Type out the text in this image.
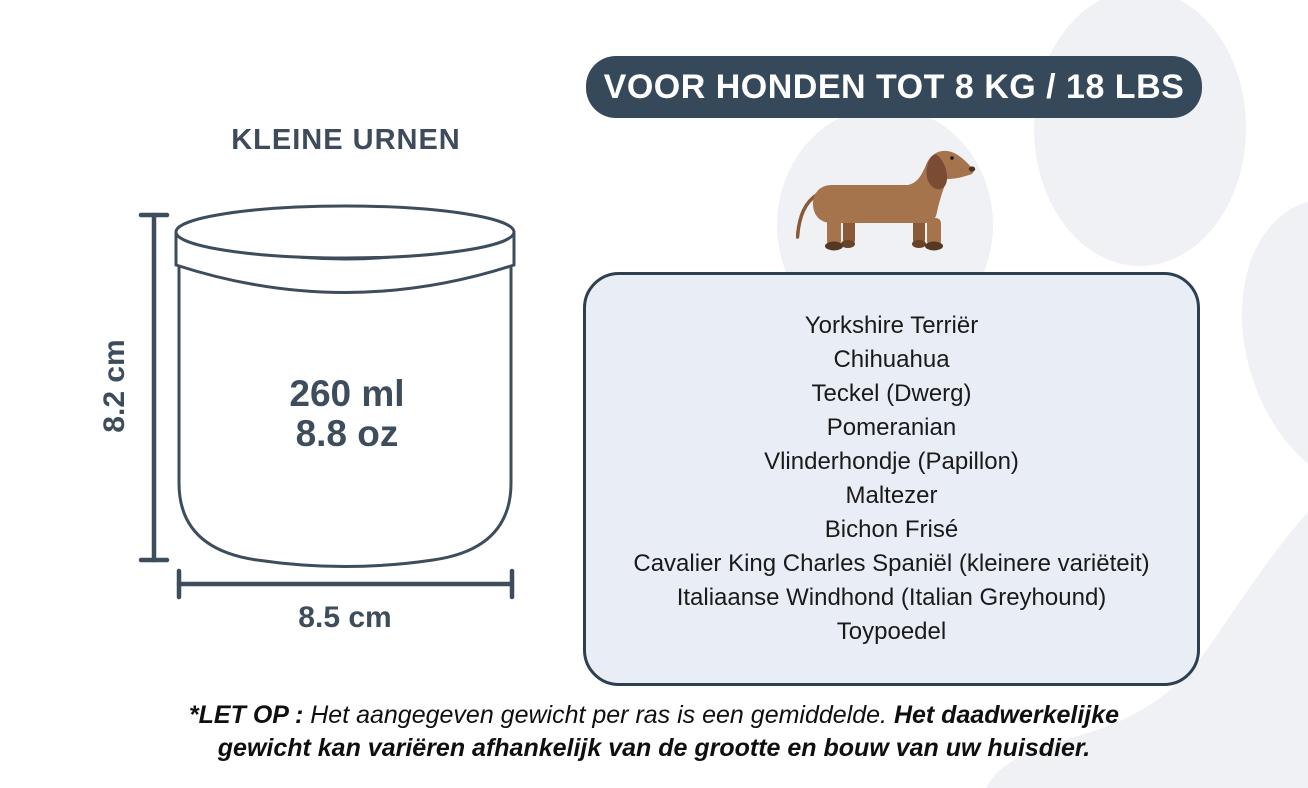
KLEINE URNEN
8.2 cm
8.5 cm
260 ml
8.8 oz
VOOR HONDEN TOT 8 KG / 18 LBS
Yorkshire Terriër
Chihuahua
Teckel (Dwerg)
Pomeranian
Vlinderhondje (Papillon)
Maltezer
Bichon Frisé
Cavalier King Charles Spaniël (kleinere variëteit)
Italiaanse Windhond (Italian Greyhound)
Toypoedel
*LET OP : Het aangegeven gewicht per ras is een gemiddelde. Het daadwerkelijke gewicht kan variëren afhankelijk van de grootte en bouw van uw huisdier.
